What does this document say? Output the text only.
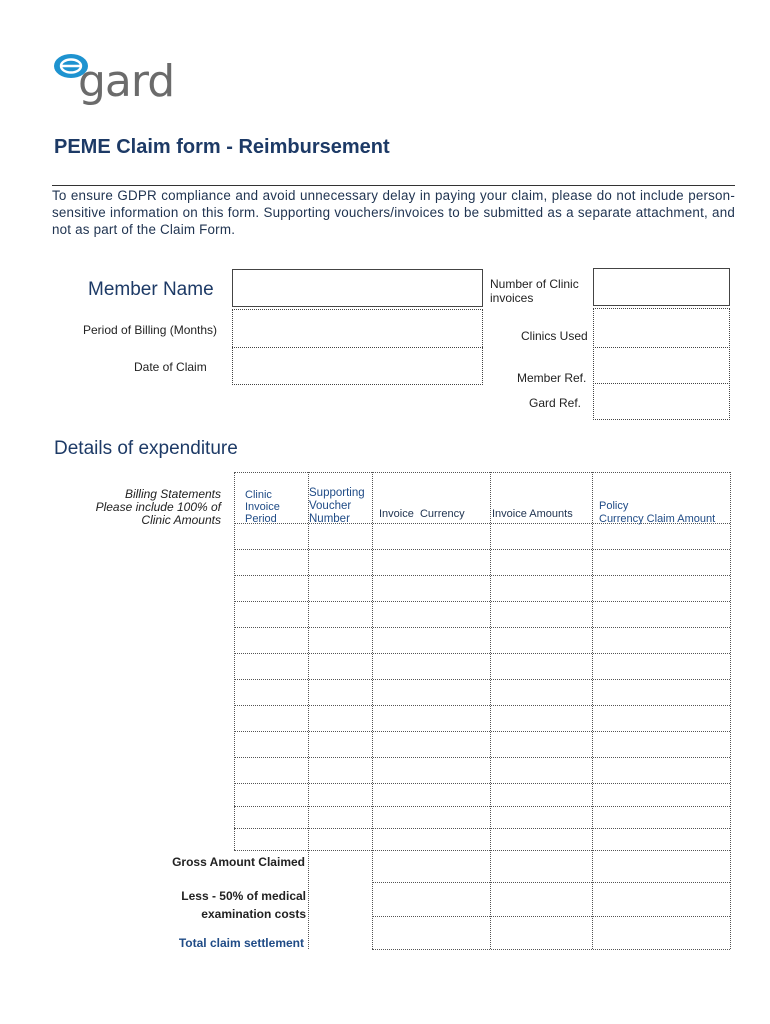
gard
PEME Claim form - Reimbursement
To ensure GDPR compliance and avoid unnecessary delay in paying your claim, please do not include person-sensitive information on this form. Supporting vouchers/invoices to be submitted as a separate attachment, and not as part of the Claim Form.
Member Name
Period of Billing (Months)
Date of Claim
Number of Clinic invoices
Clinics Used
Member Ref.
Gard Ref.
Details of expenditure
Billing Statements
Please include 100% of
Clinic Amounts
Clinic
Invoice
Period
Supporting
Voucher
Number	Invoice  Currency Invoice Amounts
Policy
Currency Claim Amount
Gross Amount Claimed
Less - 50% of medical
examination costs
Total claim settlement
